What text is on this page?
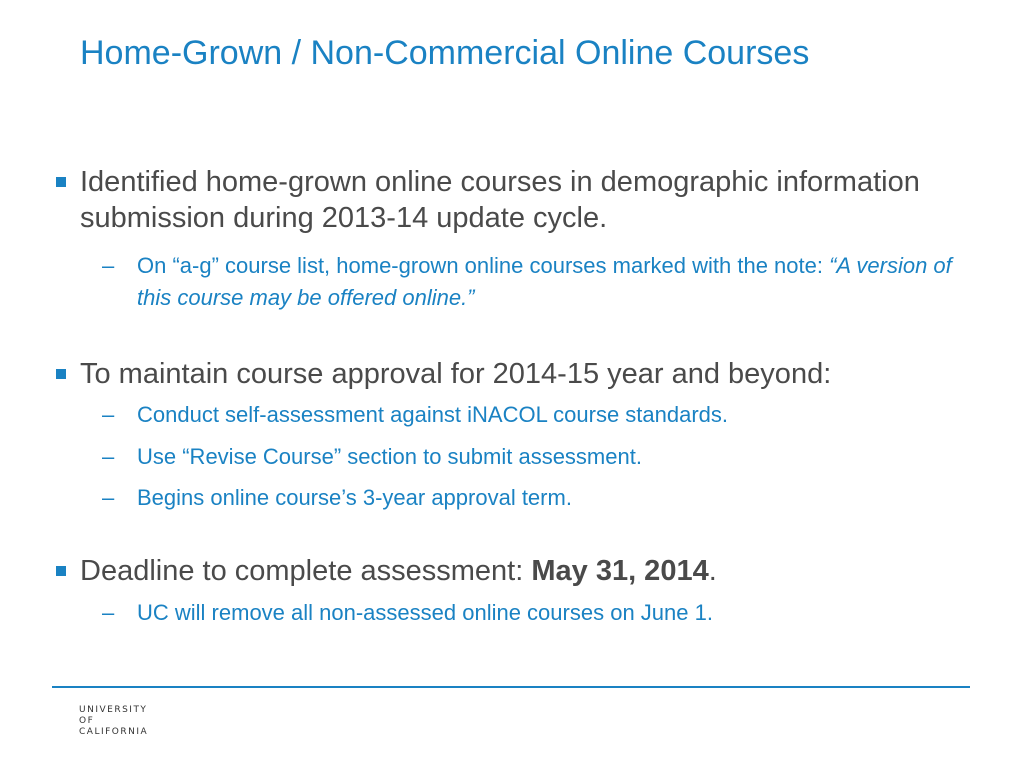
Home-Grown / Non-Commercial Online Courses

Identified home-grown online courses in demographic information submission during 2013-14 update cycle.

–	On “a-g” course list, home-grown online courses marked with the note: “A version of this course may be offered online.”

To maintain course approval for 2014-15 year and beyond:

–	Conduct self-assessment against iNACOL course standards.

–	Use “Revise Course” section to submit assessment.

–	Begins online course’s 3-year approval term.

Deadline to complete assessment: May 31, 2014.

–	UC will remove all non-assessed online courses on June 1.

UNIVERSITY
OF
CALIFORNIA
